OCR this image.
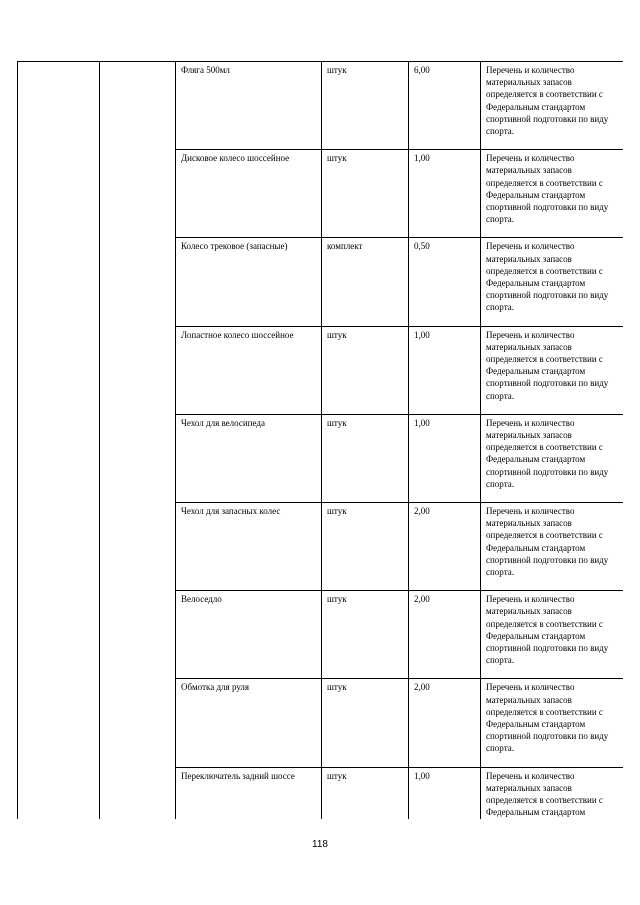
		Фляга 500мл	штук	6,00	Перечень и количество материальных запасов определяется в соответствии с Федеральным стандартом спортивной подготовки по виду спорта.
		Дисковое колесо шоссейное	штук	1,00	Перечень и количество материальных запасов определяется в соответствии с Федеральным стандартом спортивной подготовки по виду спорта.
		Колесо трековое (запасные)	комплект	0,50	Перечень и количество материальных запасов определяется в соответствии с Федеральным стандартом спортивной подготовки по виду спорта.
		Лопастное колесо шоссейное	штук	1,00	Перечень и количество материальных запасов определяется в соответствии с Федеральным стандартом спортивной подготовки по виду спорта.
		Чехол для велосипеда	штук	1,00	Перечень и количество материальных запасов определяется в соответствии с Федеральным стандартом спортивной подготовки по виду спорта.
		Чехол для запасных колес	штук	2,00	Перечень и количество материальных запасов определяется в соответствии с Федеральным стандартом спортивной подготовки по виду спорта.
		Велоседло	штук	2,00	Перечень и количество материальных запасов определяется в соответствии с Федеральным стандартом спортивной подготовки по виду спорта.
		Обмотка для руля	штук	2,00	Перечень и количество материальных запасов определяется в соответствии с Федеральным стандартом спортивной подготовки по виду спорта.
		Переключатель задний шоссе	штук	1,00	Перечень и количество материальных запасов определяется в соответствии с Федеральным стандартом
118
